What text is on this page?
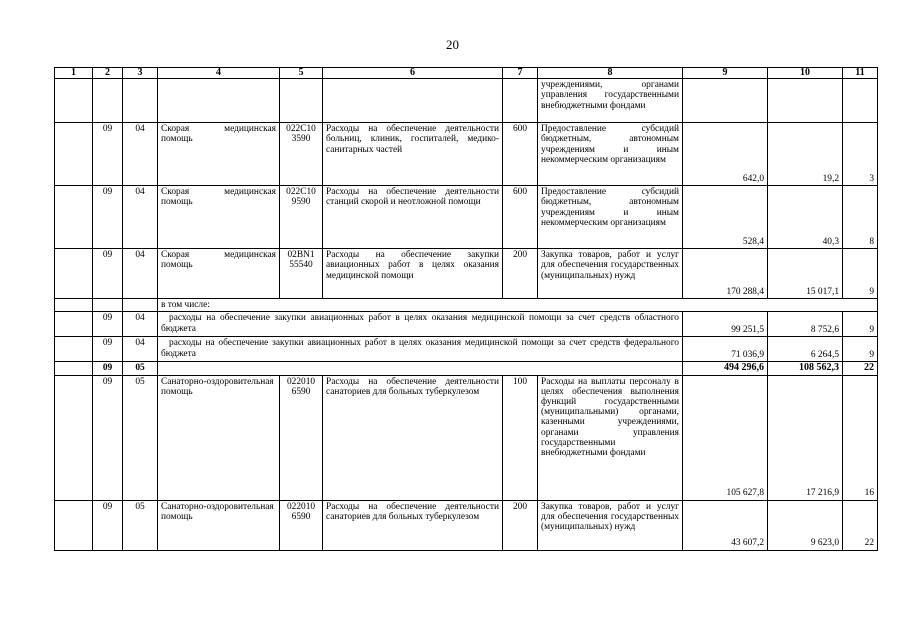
20
1	2	3	4	5	6	7	8	9	10	11
							учреждениями, органами управления государственными внебюджетными фондами			
	09	04	Скорая медицинская помощь	022С10 3590	Расходы на обеспечение деятельности больниц, клиник, госпиталей, медико-санитарных частей	600	Предоставление субсидий бюджетным, автономным учреждениям и иным некоммерческим организациям	642,0	19,2	3
	09	04	Скорая медицинская помощь	022С10 9590	Расходы на обеспечение деятельности станций скорой и неотложной помощи	600	Предоставление субсидий бюджетным, автономным учреждениям и иным некоммерческим организациям	528,4	40,3	8
	09	04	Скорая медицинская помощь	02BN1 55540	Расходы на обеспечение закупки авиационных работ в целях оказания медицинской помощи	200	Закупка товаров, работ и услуг для обеспечения государственных (муниципальных) нужд	170 288,4	15 017,1	9
			в том числе:							
	09	04	расходы на обеспечение закупки авиационных работ в целях оказания медицинской помощи за счет средств областного бюджета					99 251,5	8 752,6	9
	09	04	расходы на обеспечение закупки авиационных работ в целях оказания медицинской помощи за счет средств федерального бюджета					71 036,9	6 264,5	9
	09	05						494 296,6	108 562,3	22
	09	05	Санаторно-оздоровительная помощь	022010 6590	Расходы на обеспечение деятельности санаториев для больных туберкулезом	100	Расходы на выплаты персоналу в целях обеспечения выполнения функций государственными (муниципальными) органами, казенными учреждениями, органами управления государственными внебюджетными фондами	105 627,8	17 216,9	16
	09	05	Санаторно-оздоровительная помощь	022010 6590	Расходы на обеспечение деятельности санаториев для больных туберкулезом	200	Закупка товаров, работ и услуг для обеспечения государственных (муниципальных) нужд	43 607,2	9 623,0	22
